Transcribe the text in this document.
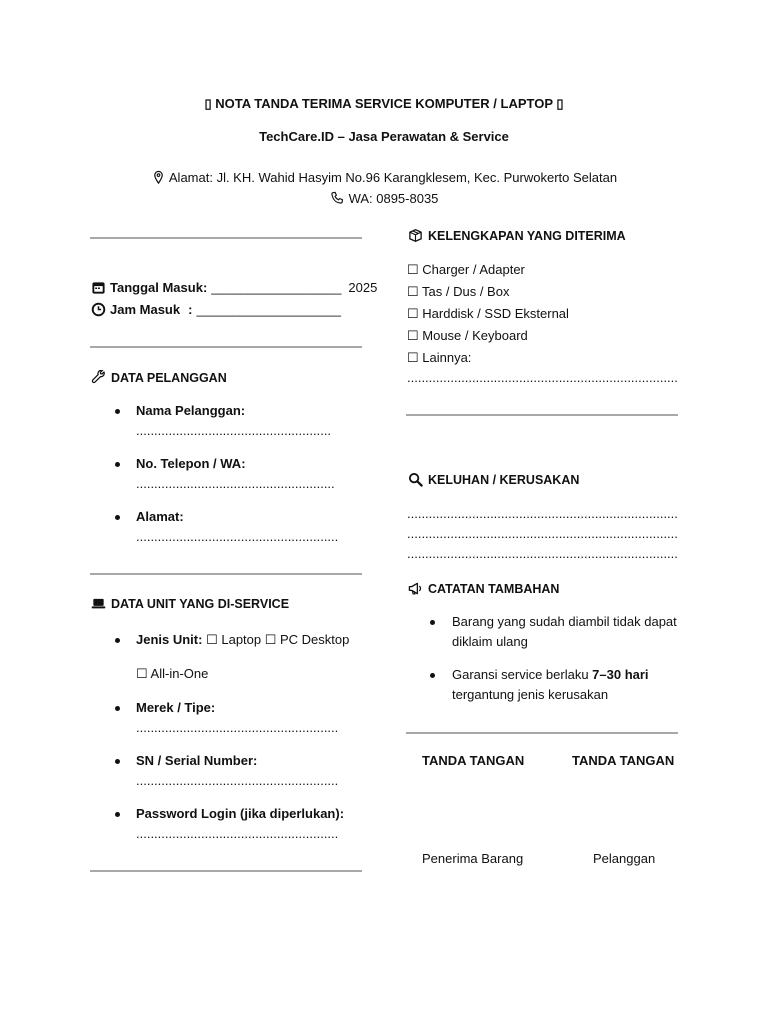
▯ NOTA TANDA TERIMA SERVICE KOMPUTER / LAPTOP ▯
TechCare.ID – Jasa Perawatan & Service
Alamat: Jl. KH. Wahid Hasyim No.96 Karangklesem, Kec. Purwokerto Selatan
WA: 0895-8035
Tanggal Masuk: __________________ 2025
Jam Masuk : ____________________
DATA PELANGGAN
Nama Pelanggan:
......................................................
No. Telepon / WA:
.......................................................
Alamat:
........................................................
DATA UNIT YANG DI-SERVICE
Jenis Unit: ☐ Laptop ☐ PC Desktop
☐ All-in-One
Merek / Tipe:
........................................................
SN / Serial Number:
........................................................
Password Login (jika diperlukan):
........................................................
KELENGKAPAN YANG DITERIMA
☐ Charger / Adapter
☐ Tas / Dus / Box
☐ Harddisk / SSD Eksternal
☐ Mouse / Keyboard
☐ Lainnya:
...........................................................................
KELUHAN / KERUSAKAN
...........................................................................
...........................................................................
...........................................................................
CATATAN TAMBAHAN
Barang yang sudah diambil tidak dapat
diklaim ulang
Garansi service berlaku 7–30 hari
tergantung jenis kerusakan
TANDA TANGAN	TANDA TANGAN
Penerima Barang	Pelanggan
